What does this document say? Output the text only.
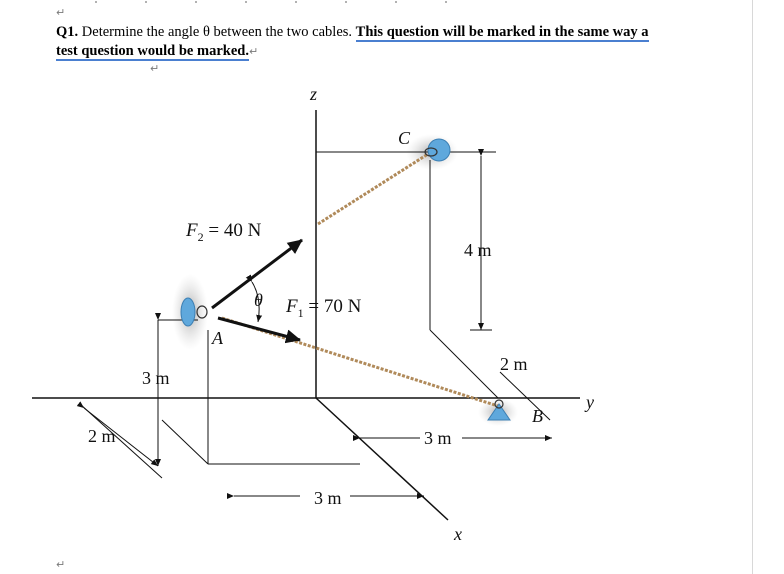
↵
Q1. Determine the angle θ between the two cables. This question will be marked in the same way a test question would be marked.↵
↵
4 m
3 m
2 m
2 m
3 m
3 m
z
x
y
C
A
B
θ
$F_2 = 40$ N
$F_1 = 70$ N
↵
